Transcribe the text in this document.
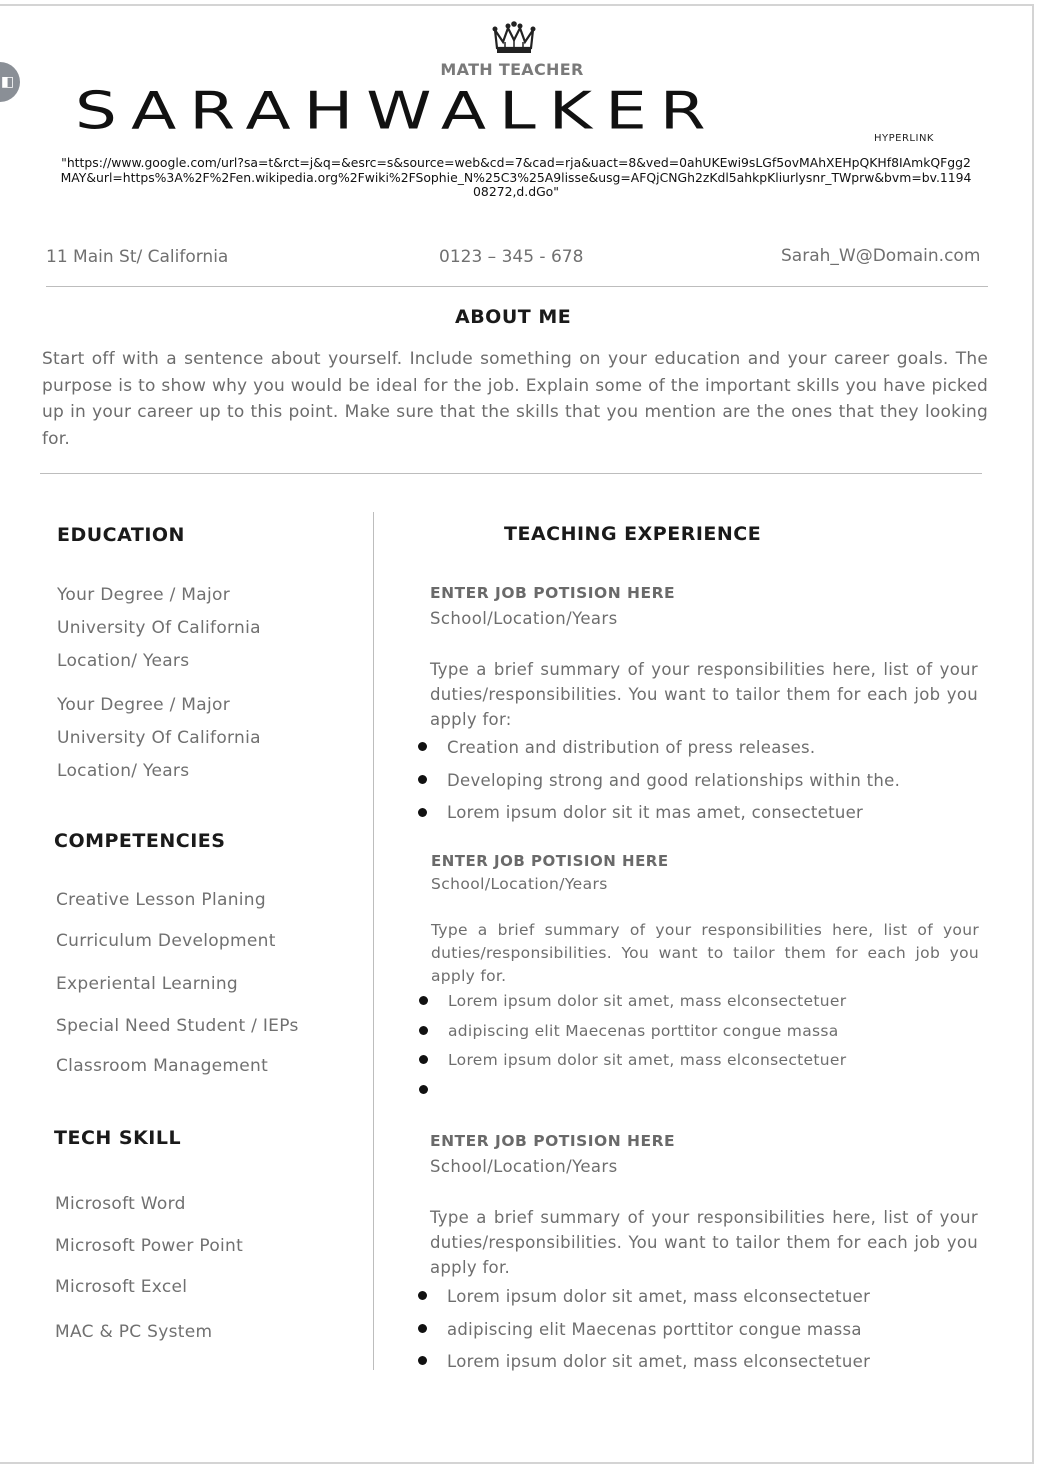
◧
MATH TEACHER
SARAHWALKER	HYPERLINK
"https://www.google.com/url?sa=t&rct=j&q=&esrc=s&source=web&cd=7&cad=rja&uact=8&ved=0ahUKEwi9sLGf5ovMAhXEHpQKHf8IAmkQFgg2MAY&url=https%3A%2F%2Fen.wikipedia.org%2Fwiki%2FSophie_N%25C3%25A9lisse&usg=AFQjCNGh2zKdl5ahkpKliurlysnr_TWprw&bvm=bv.119408272,d.dGo"
11 Main St/ California	0123 – 345 - 678	Sarah_W@Domain.com
ABOUT ME
Start off with a sentence about yourself. Include something on your education and your career goals. The purpose is to show why you would be ideal for the job. Explain some of the important skills you have picked up in your career up to this point. Make sure that the skills that you mention are the ones that they looking for.
EDUCATION
Your Degree / Major
University Of California
Location/ Years
Your Degree / Major
University Of California
Location/ Years
COMPETENCIES
Creative Lesson Planing
Curriculum Development
Experiental Learning
Special Need Student / IEPs
Classroom Management
TECH SKILL
Microsoft Word
Microsoft Power Point
Microsoft Excel
MAC & PC System
TEACHING EXPERIENCE
ENTER JOB POTISION HERE
School/Location/Years
Type a brief summary of your responsibilities here, list of your duties/responsibilities. You want to tailor them for each job you apply for:
Creation and distribution of press releases.
Developing strong and good relationships within the.
Lorem ipsum dolor sit it mas amet, consectetuer
ENTER JOB POTISION HERE
School/Location/Years
Type a brief summary of your responsibilities here, list of your duties/responsibilities. You want to tailor them for each job you apply for.
Lorem ipsum dolor sit amet, mass elconsectetuer
adipiscing elit Maecenas porttitor congue massa
Lorem ipsum dolor sit amet, mass elconsectetuer
ENTER JOB POTISION HERE
School/Location/Years
Type a brief summary of your responsibilities here, list of your duties/responsibilities. You want to tailor them for each job you apply for.
Lorem ipsum dolor sit amet, mass elconsectetuer
adipiscing elit Maecenas porttitor congue massa
Lorem ipsum dolor sit amet, mass elconsectetuer
